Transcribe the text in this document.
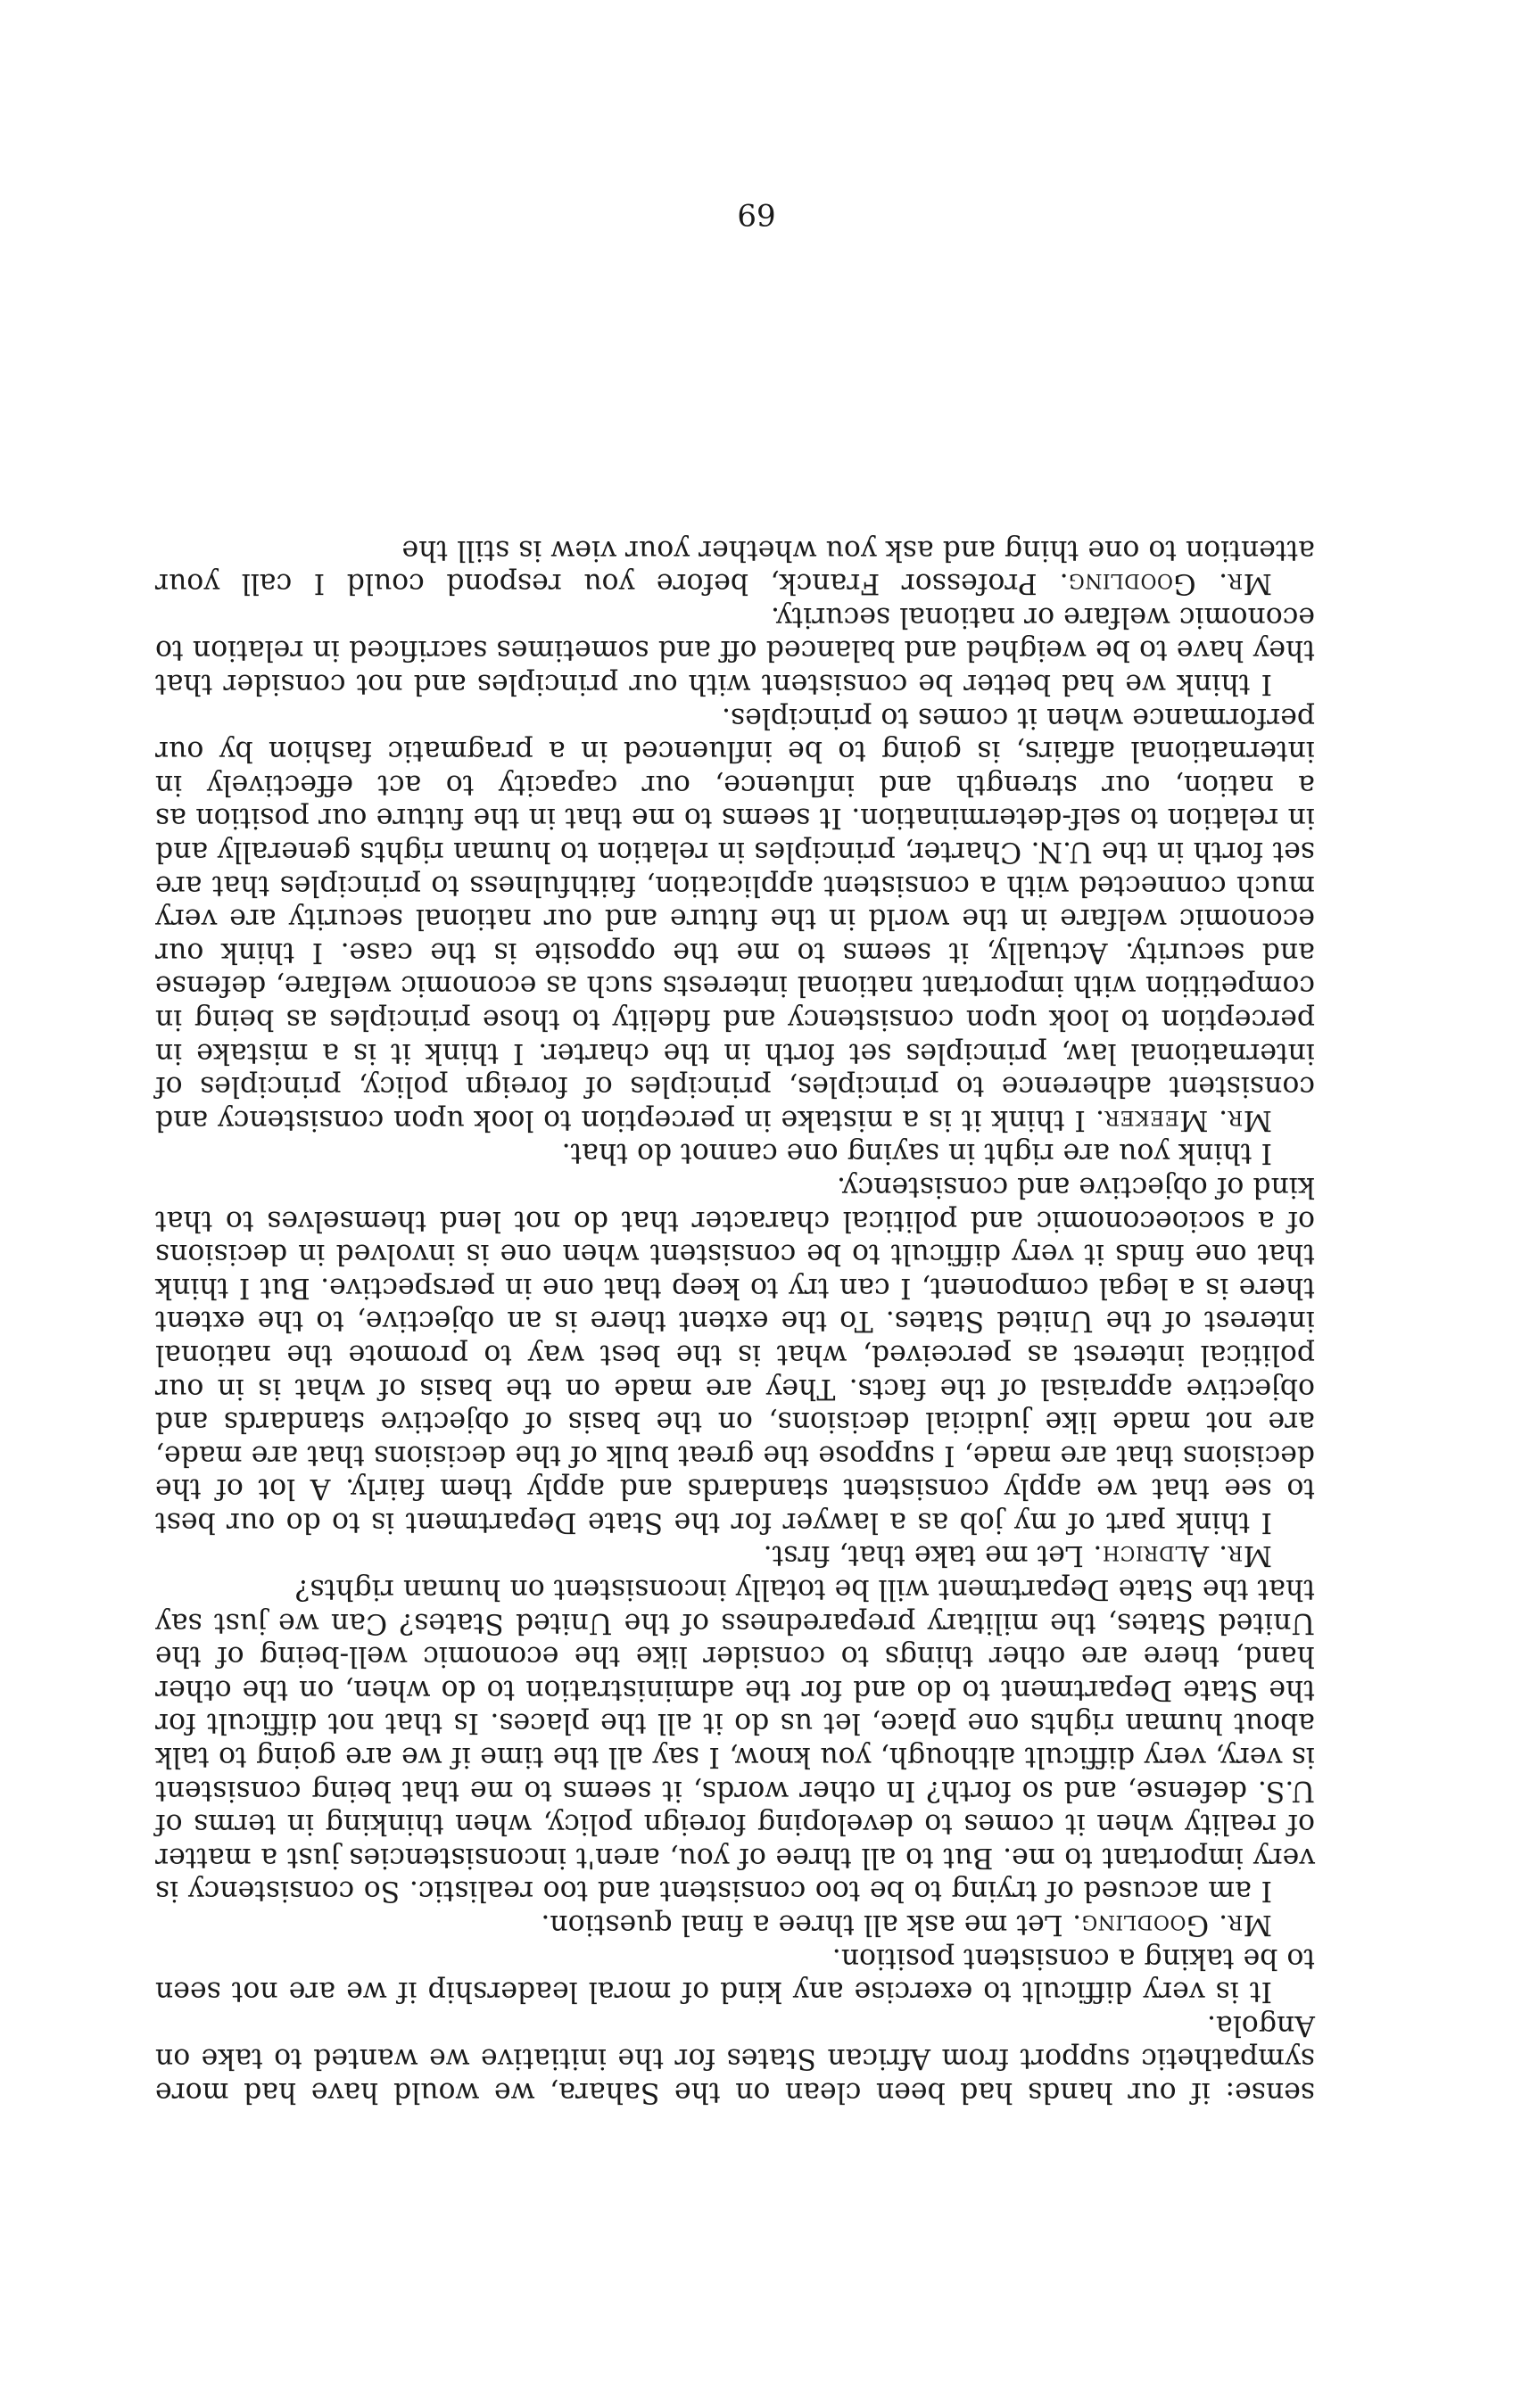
sense: if our hands had been clean on the Sahara, we would have had more sympathetic support from African States for the initiative we wanted to take on Angola.

It is very difficult to exercise any kind of moral leadership if we are not seen to be taking a consistent position.

Mr. Goodling. Let me ask all three a final question.

I am accused of trying to be too consistent and too realistic. So consistency is very important to me. But to all three of you, aren't inconsistencies just a matter of reality when it comes to developing foreign policy, when thinking in terms of U.S. defense, and so forth? In other words, it seems to me that being consistent is very, very difficult although, you know, I say all the time if we are going to talk about human rights one place, let us do it all the places. Is that not difficult for the State Department to do and for the administration to do when, on the other hand, there are other things to consider like the economic well-being of the United States, the military preparedness of the United States? Can we just say that the State Department will be totally inconsistent on human rights?

Mr. Aldrich. Let me take that, first.

I think part of my job as a lawyer for the State Department is to do our best to see that we apply consistent standards and apply them fairly. A lot of the decisions that are made, I suppose the great bulk of the decisions that are made, are not made like judicial decisions, on the basis of objective standards and objective appraisal of the facts. They are made on the basis of what is in our political interest as perceived, what is the best way to promote the national interest of the United States. To the extent there is an objective, to the extent there is a legal component, I can try to keep that one in perspective. But I think that one finds it very difficult to be consistent when one is involved in decisions of a socioeconomic and political character that do not lend themselves to that kind of objective and consistency.

I think you are right in saying one cannot do that.

Mr. Meeker. I think it is a mistake in perception to look upon consistency and consistent adherence to principles, principles of foreign policy, principles of international law, principles set forth in the charter. I think it is a mistake in perception to look upon consistency and fidelity to those principles as being in competition with important national interests such as economic welfare, defense and security. Actually, it seems to me the opposite is the case. I think our economic welfare in the world in the future and our national security are very much connected with a consistent application, faithfulness to principles that are set forth in the U.N. Charter, principles in relation to human rights generally and in relation to self-determination. It seems to me that in the future our position as a nation, our strength and influence, our capacity to act effectively in international affairs, is going to be influenced in a pragmatic fashion by our performance when it comes to principles.

I think we had better be consistent with our principles and not consider that they have to be weighed and balanced off and sometimes sacrificed in relation to economic welfare or national security.

Mr. Goodling. Professor Franck, before you respond could I call your attention to one thing and ask you whether your view is still the

69
